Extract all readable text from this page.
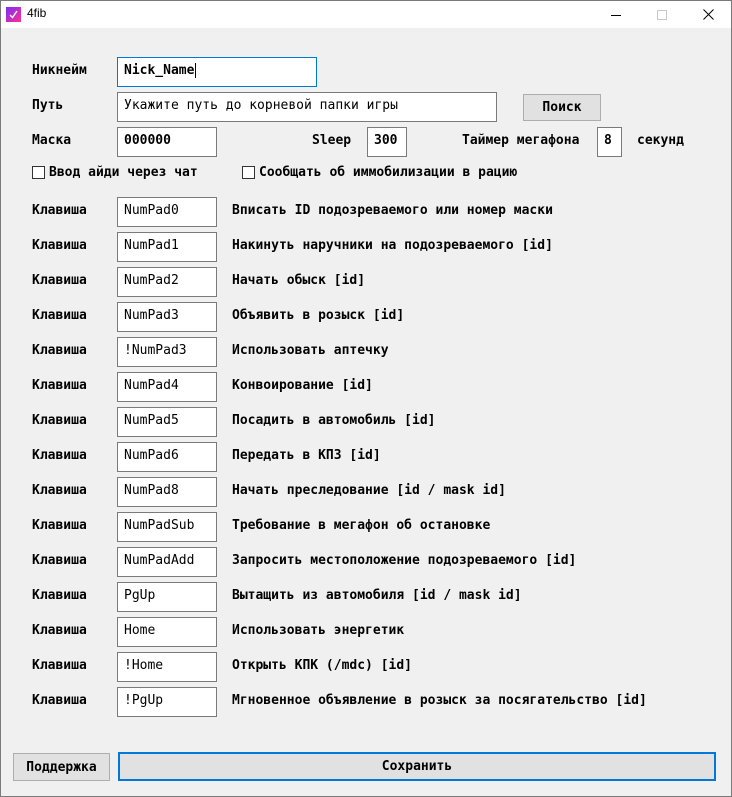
4fib
Никнейм	Nick_Name
Путь	Укажите путь до корневой папки игры	Поиск
Маска	000000	Sleep 300	Таймер мегафона 8 секунд
Ввод айди через чат	Сообщать об иммобилизации в рацию
Клавиша	NumPad0	Вписать ID подозреваемого или номер маски
Клавиша	NumPad1	Накинуть наручники на подозреваемого [id]
Клавиша	NumPad2	Начать обыск [id]
Клавиша	NumPad3	Объявить в розыск [id]
Клавиша	!NumPad3	Использовать аптечку
Клавиша	NumPad4	Конвоирование [id]
Клавиша	NumPad5	Посадить в автомобиль [id]
Клавиша	NumPad6	Передать в КПЗ [id]
Клавиша	NumPad8	Начать преследование [id / mask id]
Клавиша	NumPadSub	Требование в мегафон об остановке
Клавиша	NumPadAdd	Запросить местоположение подозреваемого [id]
Клавиша	PgUp	Вытащить из автомобиля [id / mask id]
Клавиша	Home	Использовать энергетик
Клавиша	!Home	Открыть КПК (/mdc) [id]
Клавиша	!PgUp	Мгновенное объявление в розыск за посягательство [id]
Поддержка	Сохранить
